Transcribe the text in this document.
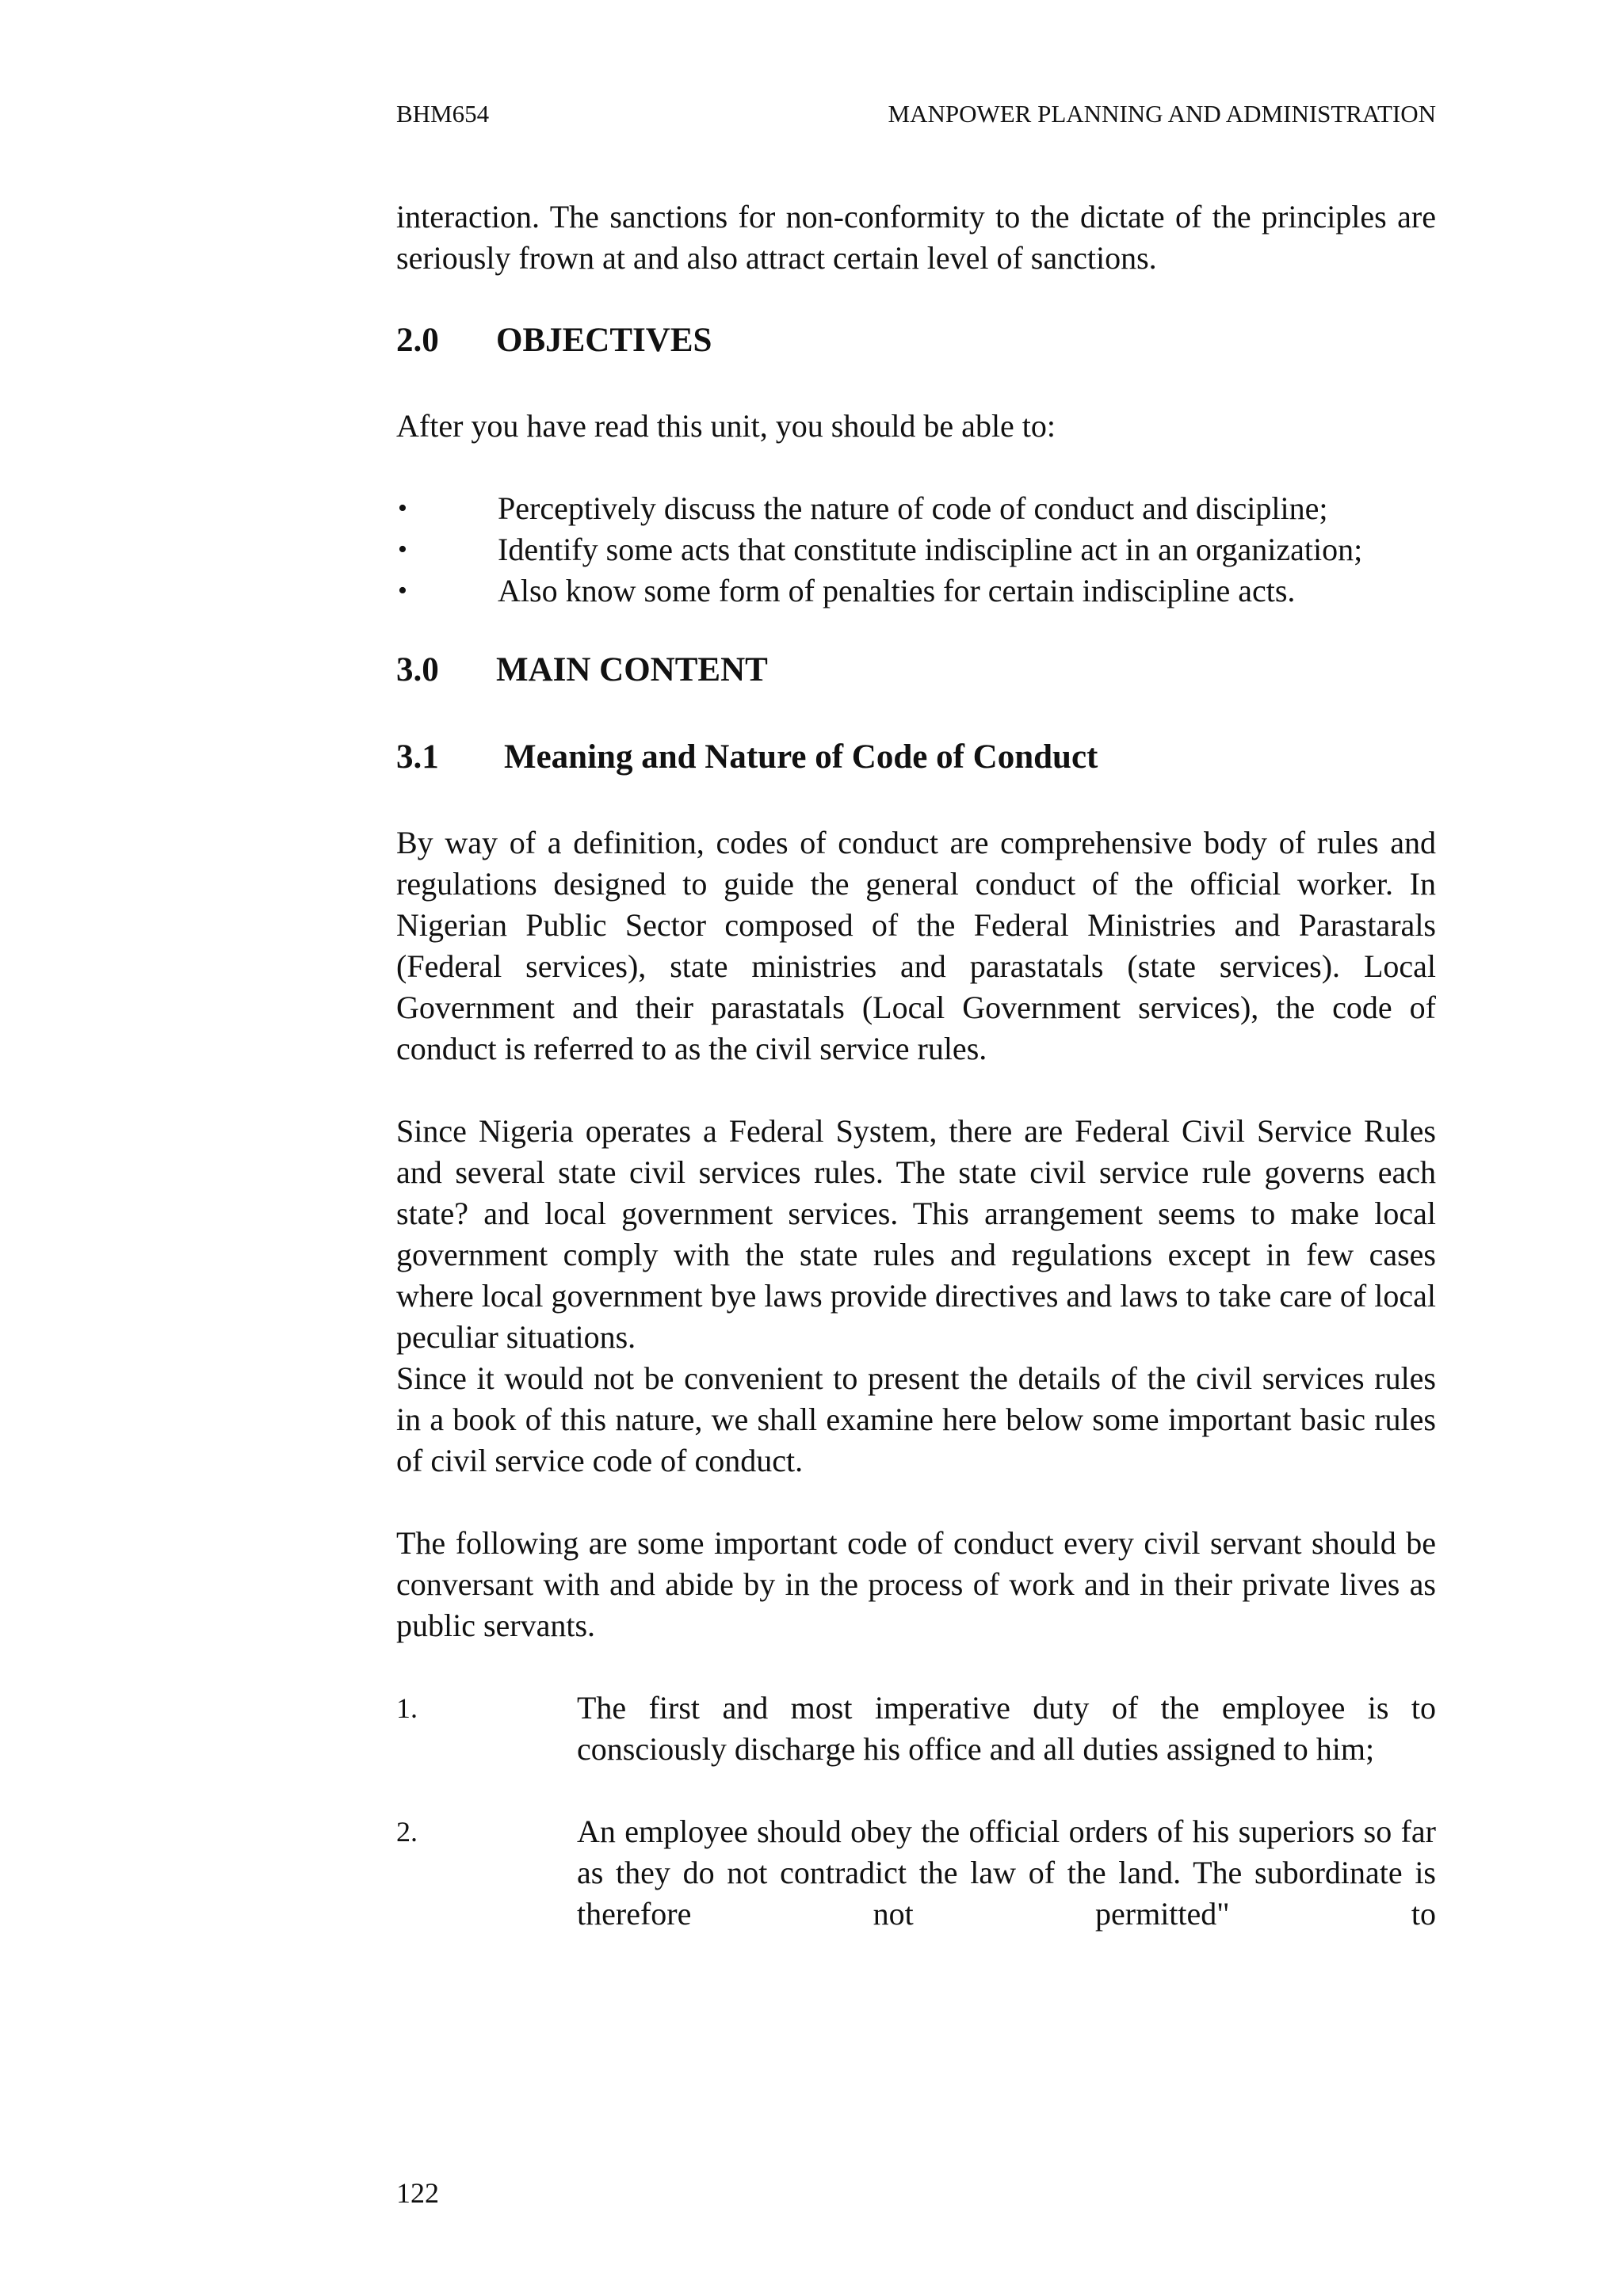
BHM654	MANPOWER PLANNING AND ADMINISTRATION

interaction. The sanctions for non-conformity to the dictate of the principles are seriously frown at and also attract certain level of sanctions.

2.0	OBJECTIVES

After you have read this unit, you should be able to:

•	Perceptively discuss the nature of code of conduct and discipline;
•	Identify some acts that constitute indiscipline act in an organization;
•	Also know some form of penalties for certain indiscipline acts.
3.0	MAIN CONTENT
3.1	Meaning and Nature of Code of Conduct

By way of a definition, codes of conduct are comprehensive body of rules and regulations designed to guide the general conduct of the official worker. In Nigerian Public Sector composed of the Federal Ministries and Parastarals (Federal services), state ministries and parastatals (state services). Local Government and their parastatals (Local Government services), the code of conduct is referred to as the civil service rules.

Since Nigeria operates a Federal System, there are Federal Civil Service Rules and several state civil services rules. The state civil service rule governs each state? and local government services. This arrangement seems to make local government comply with the state rules and regulations except in few cases where local government bye laws provide directives and laws to take care of local peculiar situations.

Since it would not be convenient to present the details of the civil services rules in a book of this nature, we shall examine here below some important basic rules of civil service code of conduct.

The following are some important code of conduct every civil servant should be conversant with and abide by in the process of work and in their private lives as public servants.

1.	The first and most imperative duty of the employee is to consciously discharge his office and all duties assigned to him;
2.	An employee should obey the official orders of his superiors so far as they do not contradict the law of the land. The subordinate is therefore not permitted" to
122
